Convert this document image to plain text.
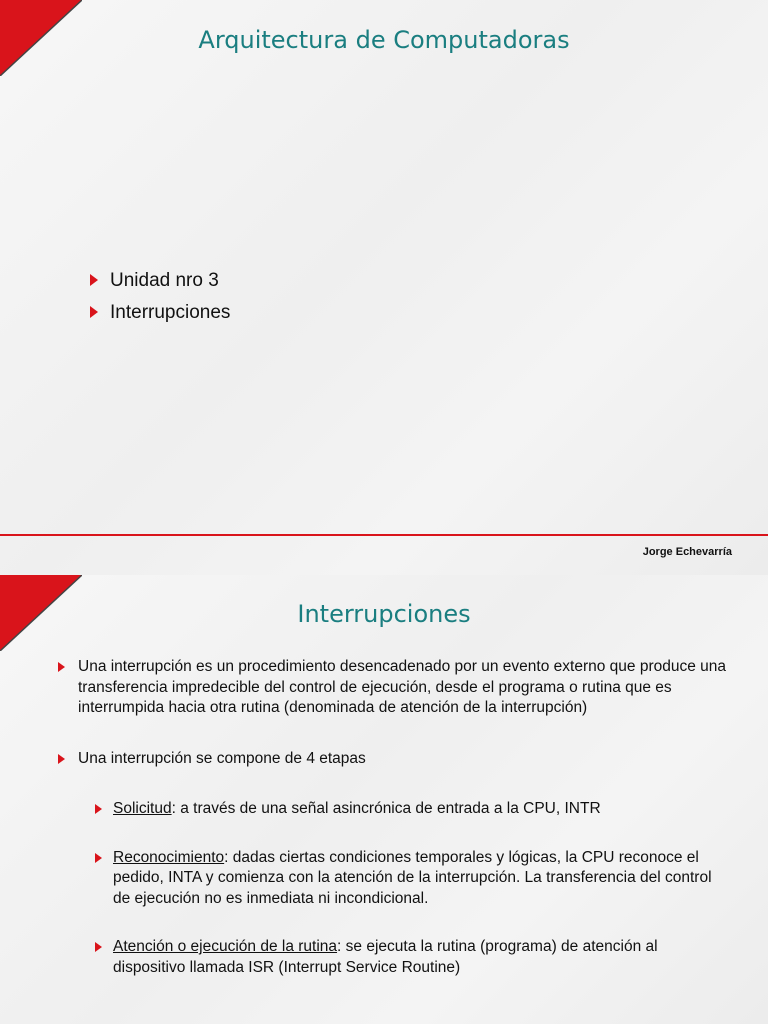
Arquitectura de Computadoras
Unidad nro 3
Interrupciones
Jorge Echevarría
Interrupciones
Una interrupción es un procedimiento desencadenado por un evento externo que produce una transferencia impredecible del control de ejecución, desde el programa o rutina que es interrumpida hacia otra rutina (denominada de atención de la interrupción)
Una interrupción se compone de 4 etapas
Solicitud: a través de una señal asincrónica de entrada a la CPU, INTR
Reconocimiento: dadas ciertas condiciones temporales y lógicas, la CPU reconoce el pedido, INTA y comienza con la atención de la interrupción. La transferencia del control de ejecución no es inmediata ni incondicional.
Atención o ejecución de la rutina: se ejecuta la rutina (programa) de atención al dispositivo llamada ISR (Interrupt Service Routine)
